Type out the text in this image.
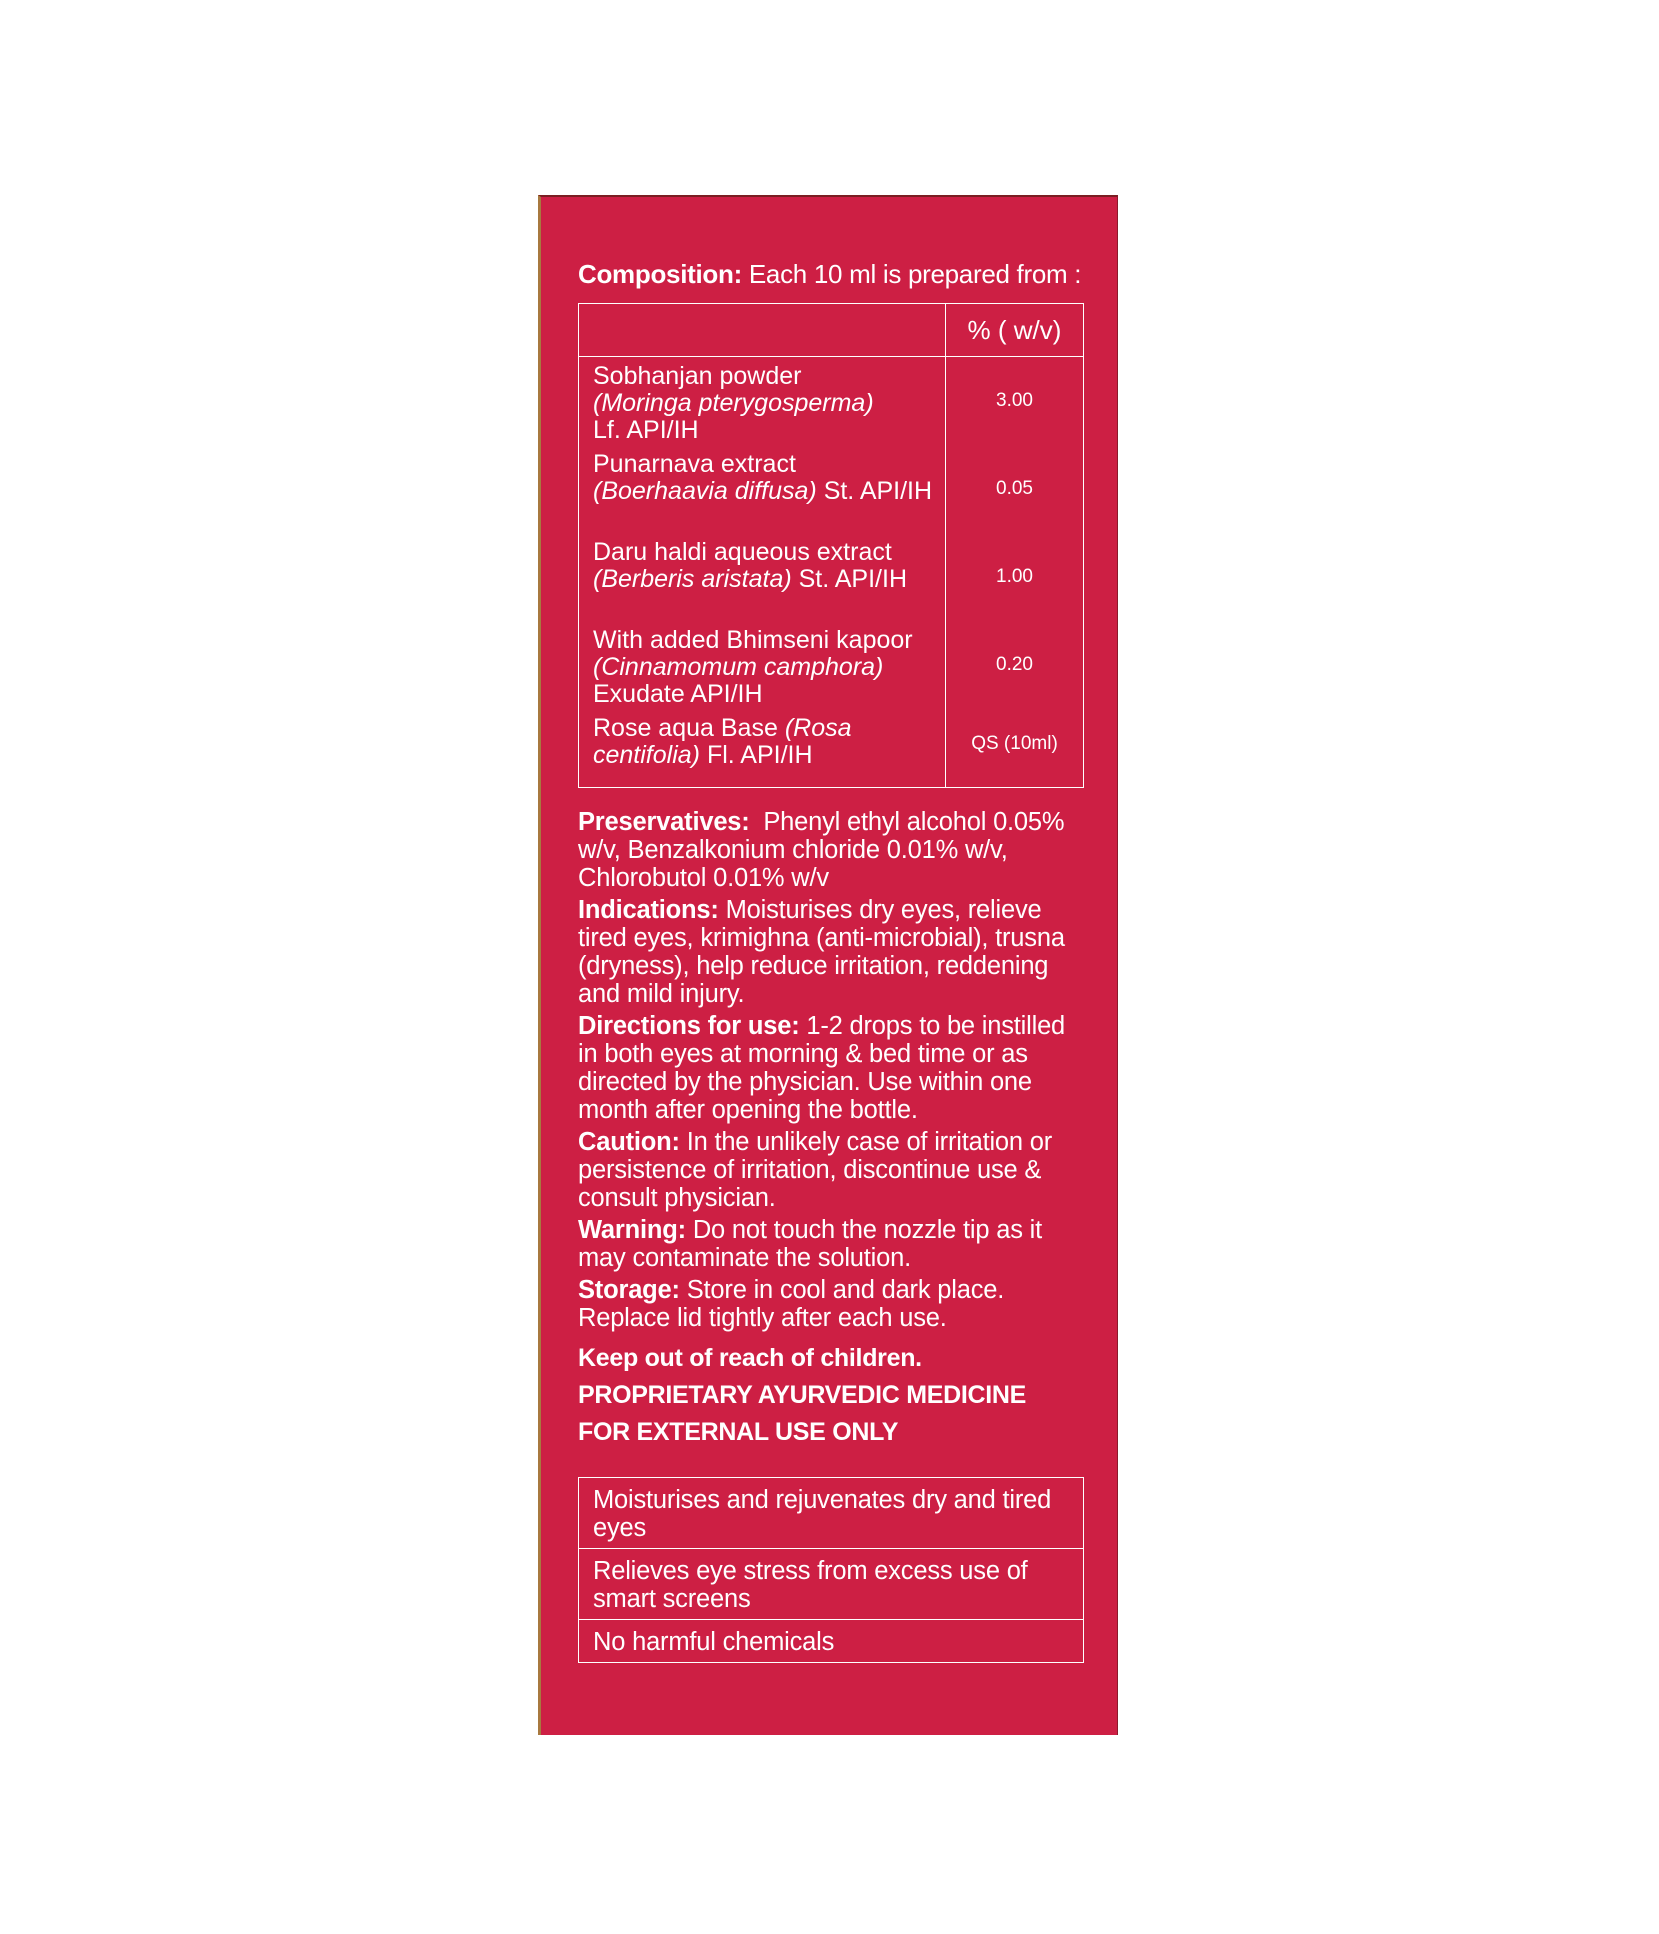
Composition: Each 10 ml is prepared from :

	% ( w/v)
Sobhanjan powder
(Moringa pterygosperma)
Lf. API/IH	3.00
Punarnava extract
(Boerhaavia diffusa) St. API/IH	0.05
Daru haldi aqueous extract (Berberis aristata) St. API/IH	1.00
With added Bhimseni kapoor (Cinnamomum camphora) Exudate API/IH	0.20
Rose aqua Base (Rosa centifolia) Fl. API/IH	QS (10ml)

Preservatives: Phenyl ethyl alcohol 0.05% w/v, Benzalkonium chloride 0.01% w/v, Chlorobutol 0.01% w/v

Indications: Moisturises dry eyes, relieve tired eyes, krimighna (anti-microbial), trusna (dryness), help reduce irritation, reddening and mild injury.

Directions for use: 1-2 drops to be instilled in both eyes at morning & bed time or as directed by the physician. Use within one month after opening the bottle.

Caution: In the unlikely case of irritation or persistence of irritation, discontinue use & consult physician.

Warning: Do not touch the nozzle tip as it may contaminate the solution.

Storage: Store in cool and dark place. Replace lid tightly after each use.

Keep out of reach of children.
PROPRIETARY AYURVEDIC MEDICINE
FOR EXTERNAL USE ONLY
Moisturises and rejuvenates dry and tired eyes
Relieves eye stress from excess use of smart screens
No harmful chemicals
